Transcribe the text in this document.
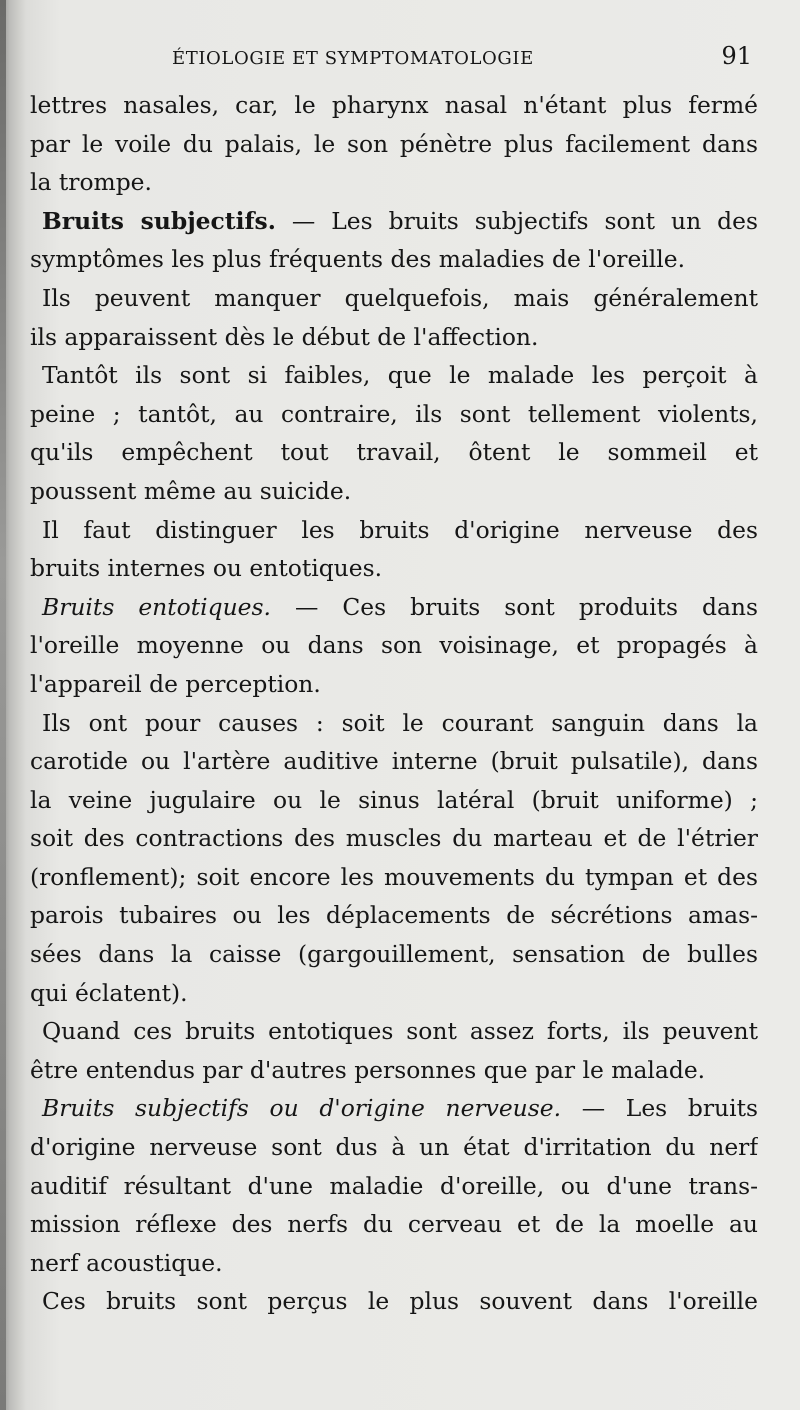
ÉTIOLOGIE ET SYMPTOMATOLOGIE	91
lettres nasales, car, le pharynx nasal n'étant plus fermé
par le voile du palais, le son pénètre plus facilement dans
la trompe.
Bruits subjectifs. — Les bruits subjectifs sont un des
symptômes les plus fréquents des maladies de l'oreille.
Ils peuvent manquer quelquefois, mais généralement
ils apparaissent dès le début de l'affection.
Tantôt ils sont si faibles, que le malade les perçoit à
peine ; tantôt, au contraire, ils sont tellement violents,
qu'ils empêchent tout travail, ôtent le sommeil et
poussent même au suicide.
Il faut distinguer les bruits d'origine nerveuse des
bruits internes ou entotiques.
Bruits entotiques. — Ces bruits sont produits dans
l'oreille moyenne ou dans son voisinage, et propagés à
l'appareil de perception.
Ils ont pour causes : soit le courant sanguin dans la
carotide ou l'artère auditive interne (bruit pulsatile), dans
la veine jugulaire ou le sinus latéral (bruit uniforme) ;
soit des contractions des muscles du marteau et de l'étrier
(ronflement); soit encore les mouvements du tympan et des
parois tubaires ou les déplacements de sécrétions amas-
sées dans la caisse (gargouillement, sensation de bulles
qui éclatent).
Quand ces bruits entotiques sont assez forts, ils peuvent
être entendus par d'autres personnes que par le malade.
Bruits subjectifs ou d'origine nerveuse. — Les bruits
d'origine nerveuse sont dus à un état d'irritation du nerf
auditif résultant d'une maladie d'oreille, ou d'une trans-
mission réflexe des nerfs du cerveau et de la moelle au
nerf acoustique.
Ces bruits sont perçus le plus souvent dans l'oreille
